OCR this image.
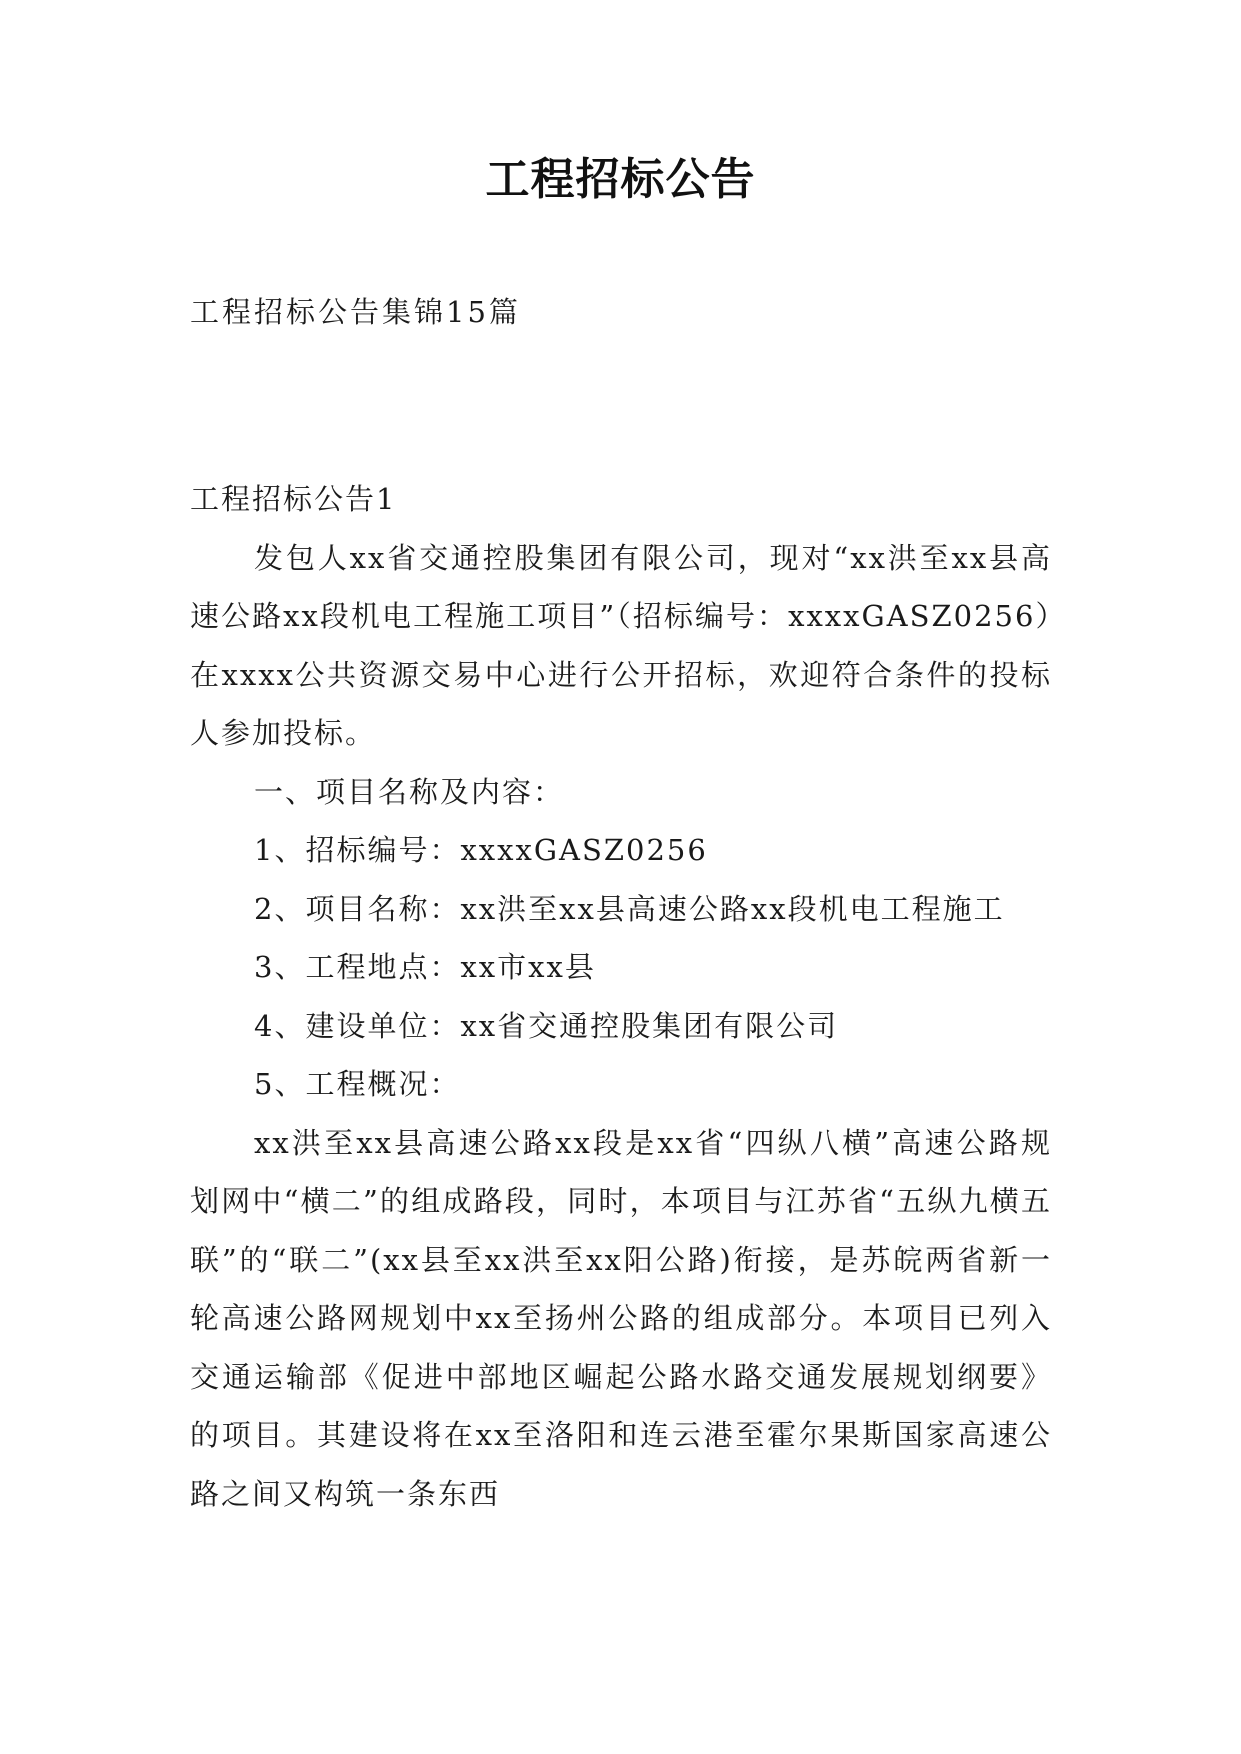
工程招标公告
工程招标公告集锦15篇

工程招标公告1

发包人xx省交通控股集团有限公司，现对“xx洪至xx县高速公路xx段机电工程施工项目”（招标编号：xxxxGASZ0256）在xxxx公共资源交易中心进行公开招标，欢迎符合条件的投标人参加投标。

一、项目名称及内容：

1、招标编号：xxxxGASZ0256

2、项目名称：xx洪至xx县高速公路xx段机电工程施工

3、工程地点：xx市xx县

4、建设单位：xx省交通控股集团有限公司

5、工程概况：

xx洪至xx县高速公路xx段是xx省“四纵八横”高速公路规划网中“横二”的组成路段，同时，本项目与江苏省“五纵九横五联”的“联二”(xx县至xx洪至xx阳公路)衔接，是苏皖两省新一轮高速公路网规划中xx至扬州公路的组成部分。本项目已列入交通运输部《促进中部地区崛起公路水路交通发展规划纲要》的项目。其建设将在xx至洛阳和连云港至霍尔果斯国家高速公路之间又构筑一条东西
